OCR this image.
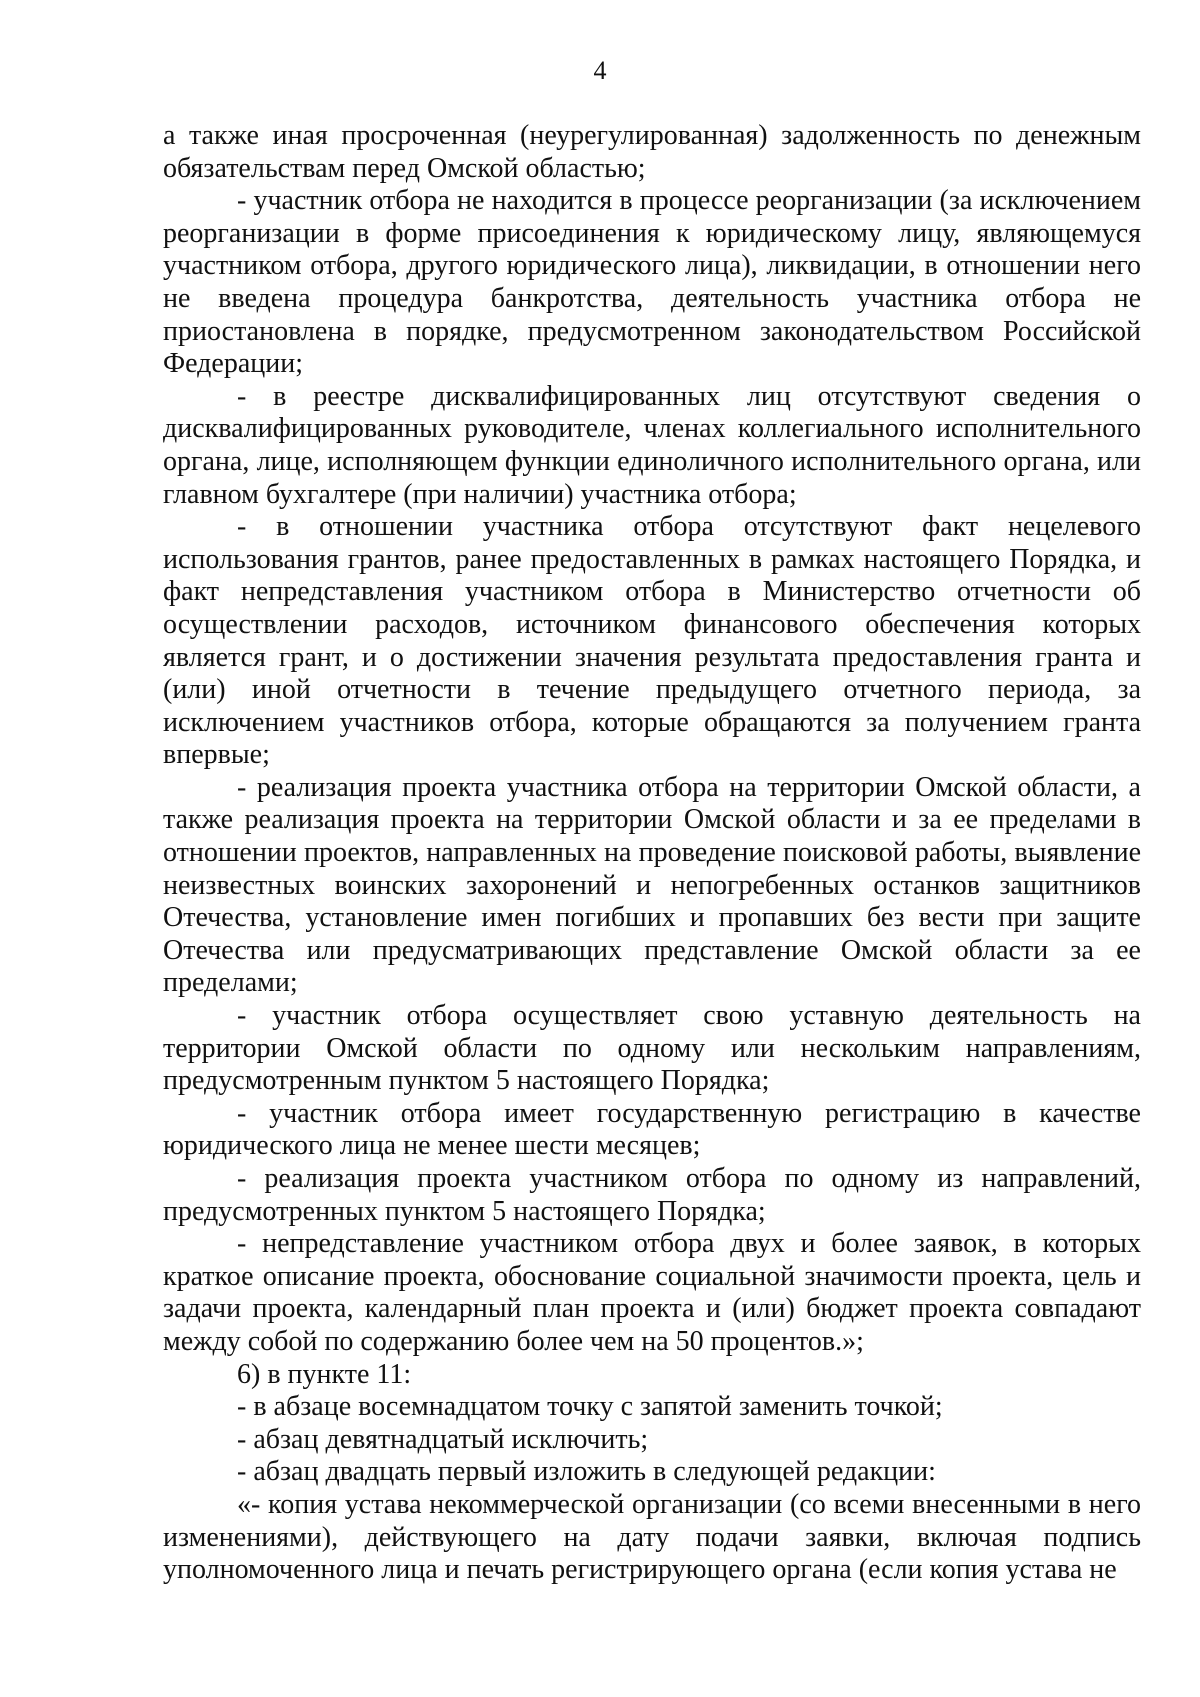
4

а также иная просроченная (неурегулированная) задолженность по денежным обязательствам перед Омской областью;

- участник отбора не находится в процессе реорганизации (за исключением реорганизации в форме присоединения к юридическому лицу, являющемуся участником отбора, другого юридического лица), ликвидации, в отношении него не введена процедура банкротства, деятельность участника отбора не приостановлена в порядке, предусмотренном законодательством Российской Федерации;

- в реестре дисквалифицированных лиц отсутствуют сведения о дисквалифицированных руководителе, членах коллегиального исполнительного органа, лице, исполняющем функции единоличного исполнительного органа, или главном бухгалтере (при наличии) участника отбора;

- в отношении участника отбора отсутствуют факт нецелевого использования грантов, ранее предоставленных в рамках настоящего Порядка, и факт непредставления участником отбора в Министерство отчетности об осуществлении расходов, источником финансового обеспечения которых является грант, и о достижении значения результата предоставления гранта и (или) иной отчетности в течение предыдущего отчетного периода, за исключением участников отбора, которые обращаются за получением гранта впервые;

- реализация проекта участника отбора на территории Омской области, а также реализация проекта на территории Омской области и за ее пределами в отношении проектов, направленных на проведение поисковой работы, выявление неизвестных воинских захоронений и непогребенных останков защитников Отечества, установление имен погибших и пропавших без вести при защите Отечества или предусматривающих представление Омской области за ее пределами;

- участник отбора осуществляет свою уставную деятельность на территории Омской области по одному или нескольким направлениям, предусмотренным пунктом 5 настоящего Порядка;

- участник отбора имеет государственную регистрацию в качестве юридического лица не менее шести месяцев;

- реализация проекта участником отбора по одному из направлений, предусмотренных пунктом 5 настоящего Порядка;

- непредставление участником отбора двух и более заявок, в которых краткое описание проекта, обоснование социальной значимости проекта, цель и задачи проекта, календарный план проекта и (или) бюджет проекта совпадают между собой по содержанию более чем на 50 процентов.»;

6) в пункте 11:

- в абзаце восемнадцатом точку с запятой заменить точкой;

- абзац девятнадцатый исключить;

- абзац двадцать первый изложить в следующей редакции:

«- копия устава некоммерческой организации (со всеми внесенными в него изменениями), действующего на дату подачи заявки, включая подпись уполномоченного лица и печать регистрирующего органа (если копия устава не
